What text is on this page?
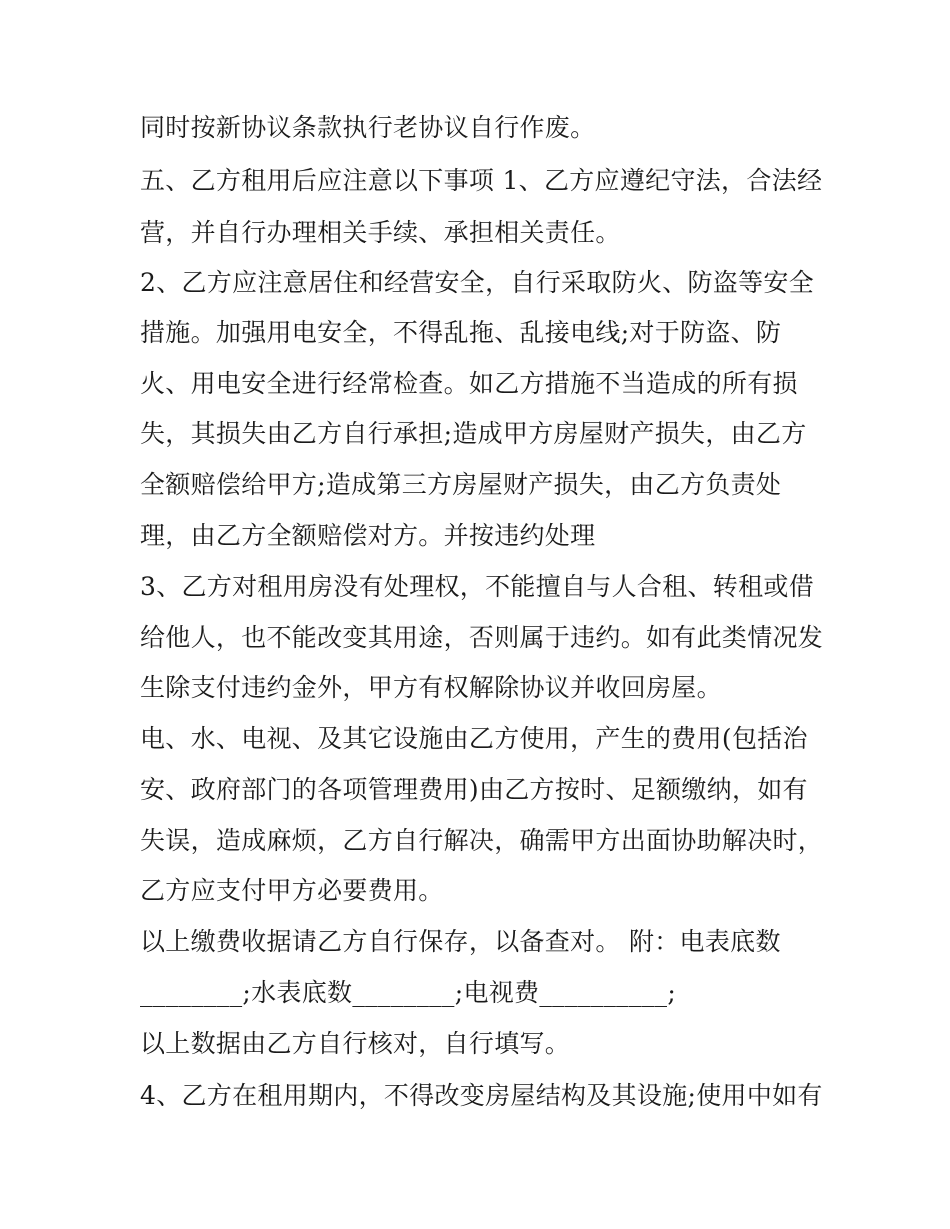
同时按新协议条款执行老协议自行作废。
五、乙方租用后应注意以下事项 1、乙方应遵纪守法，合法经
营，并自行办理相关手续、承担相关责任。
2、乙方应注意居住和经营安全，自行采取防火、防盗等安全
措施。加强用电安全，不得乱拖、乱接电线;对于防盗、防
火、用电安全进行经常检查。如乙方措施不当造成的所有损
失，其损失由乙方自行承担;造成甲方房屋财产损失，由乙方
全额赔偿给甲方;造成第三方房屋财产损失，由乙方负责处
理，由乙方全额赔偿对方。并按违约处理
3、乙方对租用房没有处理权，不能擅自与人合租、转租或借
给他人，也不能改变其用途，否则属于违约。如有此类情况发
生除支付违约金外，甲方有权解除协议并收回房屋。
电、水、电视、及其它设施由乙方使用，产生的费用(包括治
安、政府部门的各项管理费用)由乙方按时、足额缴纳，如有
失误，造成麻烦，乙方自行解决，确需甲方出面协助解决时，
乙方应支付甲方必要费用。
以上缴费收据请乙方自行保存，以备查对。 附：电表底数
________;水表底数________;电视费__________;
以上数据由乙方自行核对，自行填写。
4、乙方在租用期内，不得改变房屋结构及其设施;使用中如有
